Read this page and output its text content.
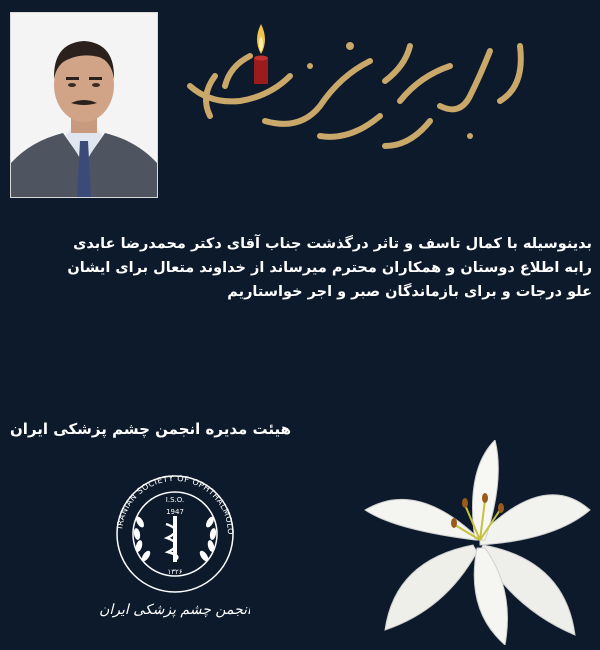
بدینوسیله با کمال تاسف و تاثر درگذشت جناب آقای دکتر محمدرضا عابدی

رابه اطلاع دوستان و همکاران محترم میرساند از خداوند متعال برای ایشان

علو درجات و برای بازماندگان صبر و اجر خواستاریم

هیئت مدیره انجمن چشم پزشکی ایران
IRANIAN SOCIETY OF OPHTHALMOLO
I.S.O.
1947
۱۳۲۶
انجمن چشم پزشکی ایران
